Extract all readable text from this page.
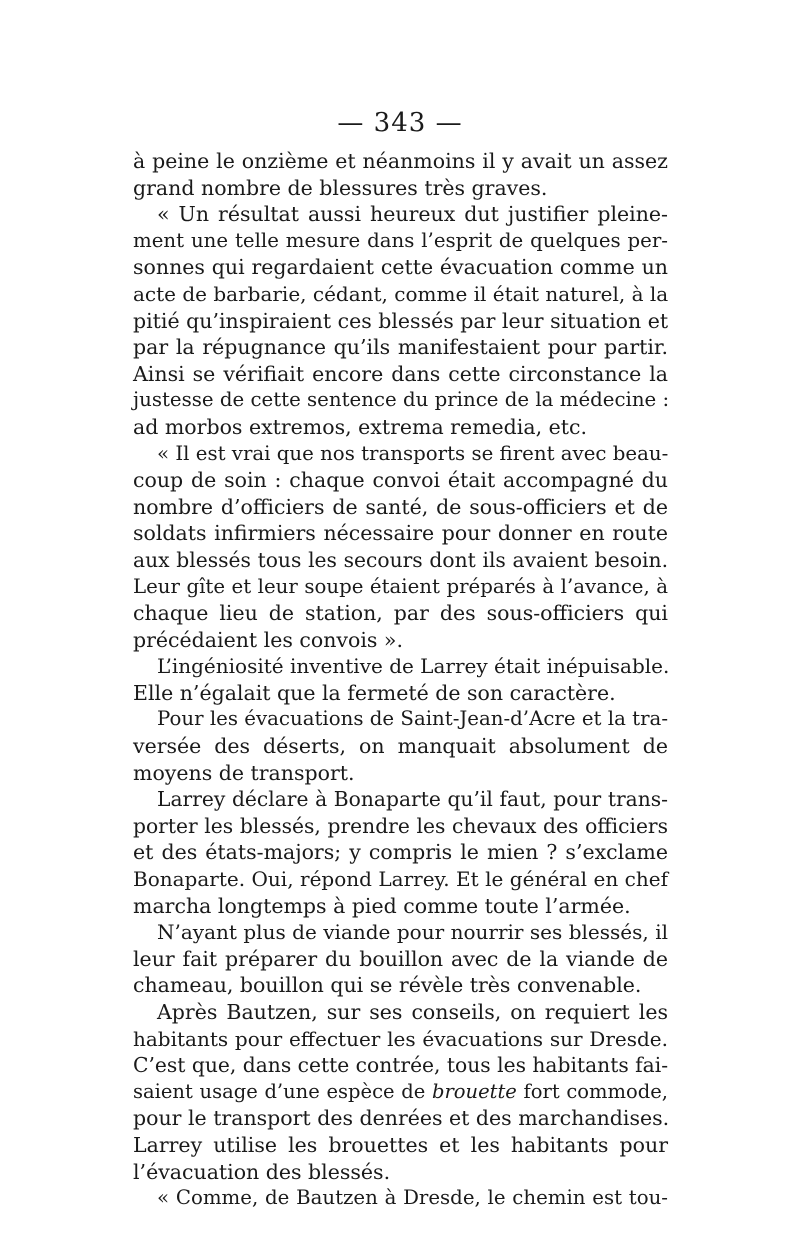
— 343 —
à peine le onzième et néanmoins il y avait un assez
grand nombre de blessures très graves.
« Un résultat aussi heureux dut justifier pleine-
ment une telle mesure dans l’esprit de quelques per-
sonnes qui regardaient cette évacuation comme un
acte de barbarie, cédant, comme il était naturel, à la
pitié qu’inspiraient ces blessés par leur situation et
par la répugnance qu’ils manifestaient pour partir.
Ainsi se vérifiait encore dans cette circonstance la
justesse de cette sentence du prince de la médecine :
ad morbos extremos, extrema remedia, etc.
« Il est vrai que nos transports se firent avec beau-
coup de soin : chaque convoi était accompagné du
nombre d’officiers de santé, de sous-officiers et de
soldats infirmiers nécessaire pour donner en route
aux blessés tous les secours dont ils avaient besoin.
Leur gîte et leur soupe étaient préparés à l’avance, à
chaque lieu de station, par des sous-officiers qui
précédaient les convois ».
L’ingéniosité inventive de Larrey était inépuisable.
Elle n’égalait que la fermeté de son caractère.
Pour les évacuations de Saint-Jean-d’Acre et la tra-
versée des déserts, on manquait absolument de
moyens de transport.
Larrey déclare à Bonaparte qu’il faut, pour trans-
porter les blessés, prendre les chevaux des officiers
et des états-majors; y compris le mien ? s’exclame
Bonaparte. Oui, répond Larrey. Et le général en chef
marcha longtemps à pied comme toute l’armée.
N’ayant plus de viande pour nourrir ses blessés, il
leur fait préparer du bouillon avec de la viande de
chameau, bouillon qui se révèle très convenable.
Après Bautzen, sur ses conseils, on requiert les
habitants pour effectuer les évacuations sur Dresde.
C’est que, dans cette contrée, tous les habitants fai-
saient usage d’une espèce de brouette fort commode,
pour le transport des denrées et des marchandises.
Larrey utilise les brouettes et les habitants pour
l’évacuation des blessés.
« Comme, de Bautzen à Dresde, le chemin est tou-
